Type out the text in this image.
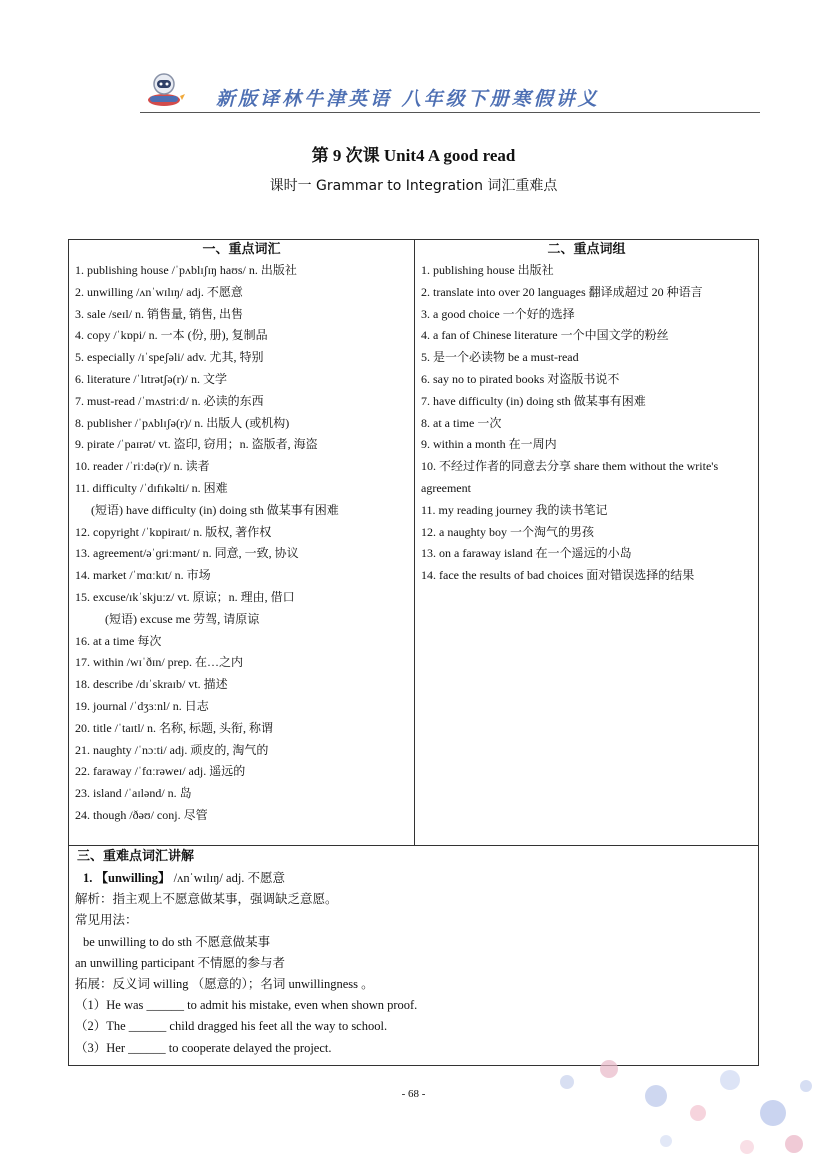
新版译林牛津英语 八年级下册寒假讲义
第 9 次课 Unit4 A good read
课时一 Grammar to Integration 词汇重难点
一、重点词汇
1. publishing house /ˈpʌblɪʃɪŋ haʊs/ n. 出版社
2. unwilling /ʌnˈwɪlɪŋ/ adj. 不愿意
3. sale /seɪl/ n. 销售量, 销售, 出售
4. copy /ˈkɒpi/ n. 一本 (份, 册), 复制品
5. especially /ɪˈspeʃəli/ adv. 尤其, 特别
6. literature /ˈlɪtrətʃə(r)/ n. 文学
7. must-read /ˈmʌstriːd/ n. 必读的东西
8. publisher /ˈpʌblɪʃə(r)/ n. 出版人 (或机构)
9. pirate /ˈpaɪrət/ vt. 盗印, 窃用；n. 盗版者, 海盗
10. reader /ˈriːdə(r)/ n. 读者
11. difficulty /ˈdɪfɪkəlti/ n. 困难
(短语) have difficulty (in) doing sth 做某事有困难
12. copyright /ˈkɒpiraɪt/ n. 版权, 著作权
13. agreement/əˈɡriːmənt/ n. 同意, 一致, 协议
14. market /ˈmɑːkɪt/ n. 市场
15. excuse/ɪkˈskjuːz/ vt. 原谅；n. 理由, 借口
(短语) excuse me 劳驾, 请原谅
16. at a time 每次
17. within /wɪˈðɪn/ prep. 在…之内
18. describe /dɪˈskraɪb/ vt. 描述
19. journal /ˈdʒɜːnl/ n. 日志
20. title /ˈtaɪtl/ n. 名称, 标题, 头衔, 称谓
21. naughty /ˈnɔːti/ adj. 顽皮的, 淘气的
22. faraway /ˈfɑːrəweɪ/ adj. 遥远的
23. island /ˈaɪlənd/ n. 岛
24. though /ðəʊ/ conj. 尽管
二、重点词组
1. publishing house 出版社
2. translate into over 20 languages 翻译成超过 20 种语言
3. a good choice 一个好的选择
4. a fan of Chinese literature 一个中国文学的粉丝
5. 是一个必读物 be a must-read
6. say no to pirated books 对盗版书说不
7. have difficulty (in) doing sth 做某事有困难
8. at a time 一次
9. within a month 在一周内
10. 不经过作者的同意去分享 share them without the write's agreement
11. my reading journey 我的读书笔记
12. a naughty boy 一个淘气的男孩
13. on a faraway island 在一个遥远的小岛
14. face the results of bad choices 面对错误选择的结果
三、重难点词汇讲解
1. 【unwilling】 /ʌnˈwɪlɪŋ/ adj. 不愿意
解析：指主观上不愿意做某事，强调缺乏意愿。
常见用法：
be unwilling to do sth 不愿意做某事
an unwilling participant 不情愿的参与者
拓展：反义词 willing （愿意的）；名词 unwillingness 。
（1）He was ______ to admit his mistake, even when shown proof.
（2）The ______ child dragged his feet all the way to school.
（3）Her ______ to cooperate delayed the project.
- 68 -
